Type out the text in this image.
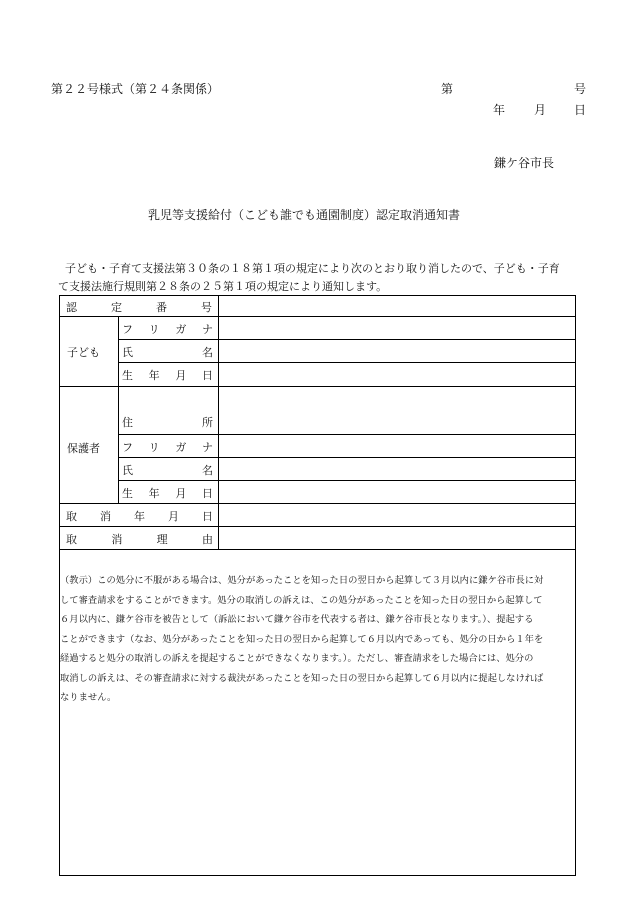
第２２号様式（第２４条関係）	第	号
年 月 日
鎌ケ谷市長
乳児等支援給付（こども誰でも通園制度）認定取消通知書
子ども・子育て支援法第３０条の１８第１項の規定により次のとおり取り消したので、子ども・子育
て支援法施行規則第２８条の２５第１項の規定により通知します。
認	定	番	号
子ども
フ リ ガ ナ
氏	名
生 年 月 日
保護者
住	所
フ リ ガ ナ
氏	名
生 年 月 日
取 消 年 月 日
取	消	理	由

（教示）この処分に不服がある場合は、処分があったことを知った日の翌日から起算して３月以内に鎌ケ谷市長に対

して審査請求をすることができます。処分の取消しの訴えは、この処分があったことを知った日の翌日から起算して

６月以内に、鎌ケ谷市を被告として（訴訟において鎌ケ谷市を代表する者は、鎌ケ谷市長となります。）、提起する

ことができます（なお、処分があったことを知った日の翌日から起算して６月以内であっても、処分の日から１年を

経過すると処分の取消しの訴えを提起することができなくなります。）。ただし、審査請求をした場合には、処分の

取消しの訴えは、その審査請求に対する裁決があったことを知った日の翌日から起算して６月以内に提起しなければ

なりません。
